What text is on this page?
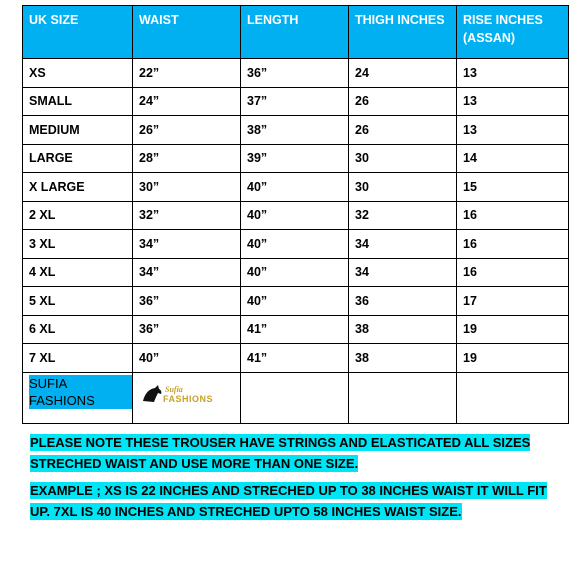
UK SIZE	WAIST	LENGTH	THIGH INCHES	RISE INCHES (ASSAN)
XS	22”	36”	24	13
SMALL	24”	37”	26	13
MEDIUM	26”	38”	26	13
LARGE	28”	39”	30	14
X LARGE	30”	40”	30	15
2 XL	32”	40”	32	16
3 XL	34”	40”	34	16
4 XL	34”	40”	34	16
5 XL	36”	40”	36	17
6 XL	36”	41”	38	19
7 XL	40”	41”	38	19
SUFIA FASHIONS	Sufia
FASHIONS			

PLEASE NOTE THESE TROUSER HAVE STRINGS AND ELASTICATED ALL SIZES STRECHED WAIST AND USE MORE THAN ONE SIZE.

EXAMPLE ; XS IS 22 INCHES AND STRECHED UP TO 38 INCHES WAIST IT WILL FIT UP. 7XL IS 40 INCHES AND STRECHED UPTO 58 INCHES WAIST SIZE.
